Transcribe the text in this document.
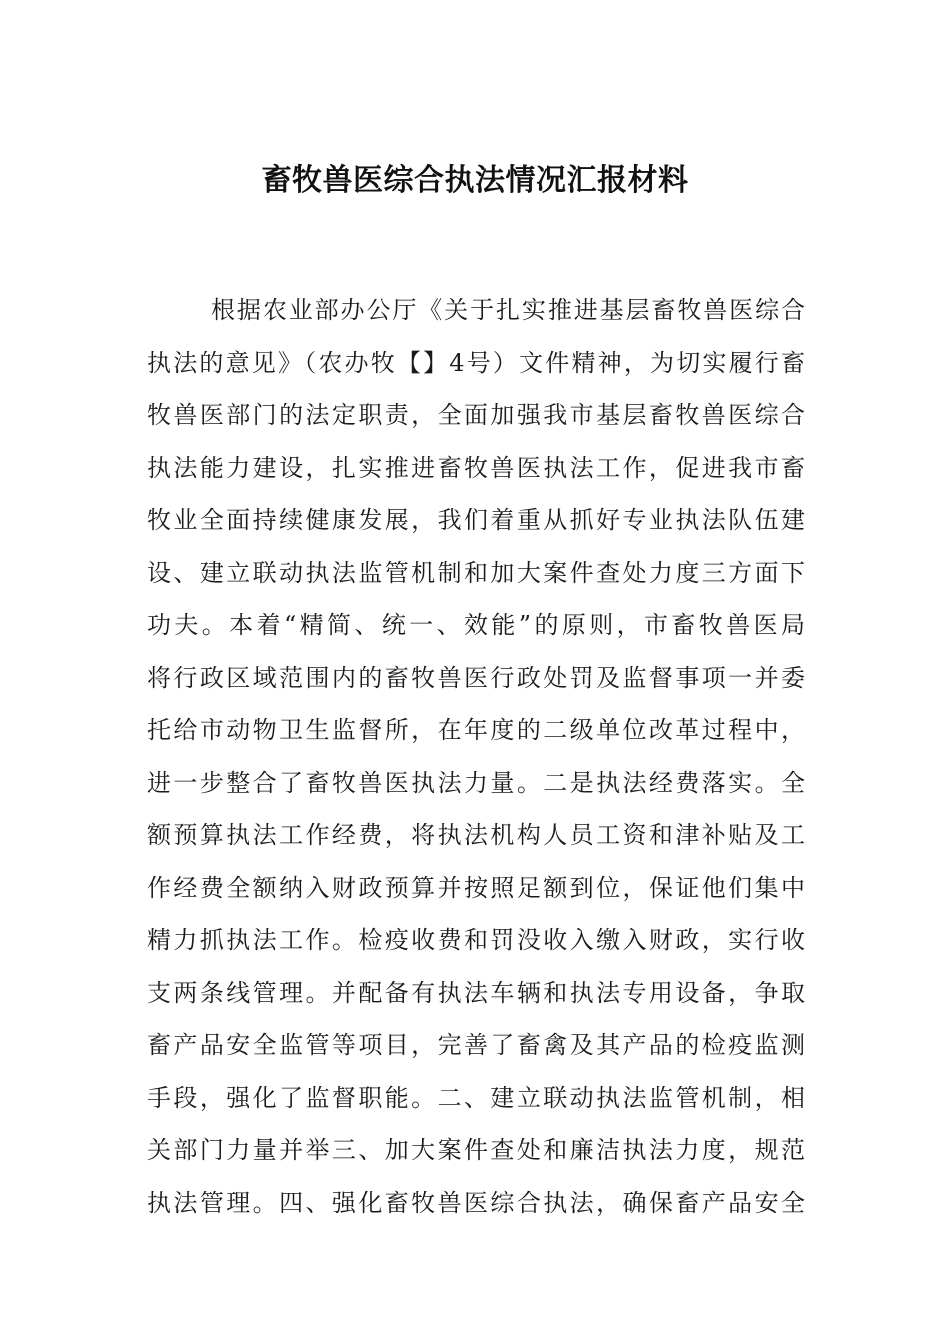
畜牧兽医综合执法情况汇报材料
根据农业部办公厅《关于扎实推进基层畜牧兽医综合
执法的意见》（农办牧【】4号）文件精神，为切实履行畜
牧兽医部门的法定职责，全面加强我市基层畜牧兽医综合
执法能力建设，扎实推进畜牧兽医执法工作，促进我市畜
牧业全面持续健康发展，我们着重从抓好专业执法队伍建
设、建立联动执法监管机制和加大案件查处力度三方面下
功夫。本着“精简、统一、效能”的原则，市畜牧兽医局
将行政区域范围内的畜牧兽医行政处罚及监督事项一并委
托给市动物卫生监督所，在年度的二级单位改革过程中，
进一步整合了畜牧兽医执法力量。二是执法经费落实。全
额预算执法工作经费，将执法机构人员工资和津补贴及工
作经费全额纳入财政预算并按照足额到位，保证他们集中
精力抓执法工作。检疫收费和罚没收入缴入财政，实行收
支两条线管理。并配备有执法车辆和执法专用设备，争取
畜产品安全监管等项目，完善了畜禽及其产品的检疫监测
手段，强化了监督职能。二、建立联动执法监管机制，相
关部门力量并举三、加大案件查处和廉洁执法力度，规范
执法管理。四、强化畜牧兽医综合执法，确保畜产品安全
